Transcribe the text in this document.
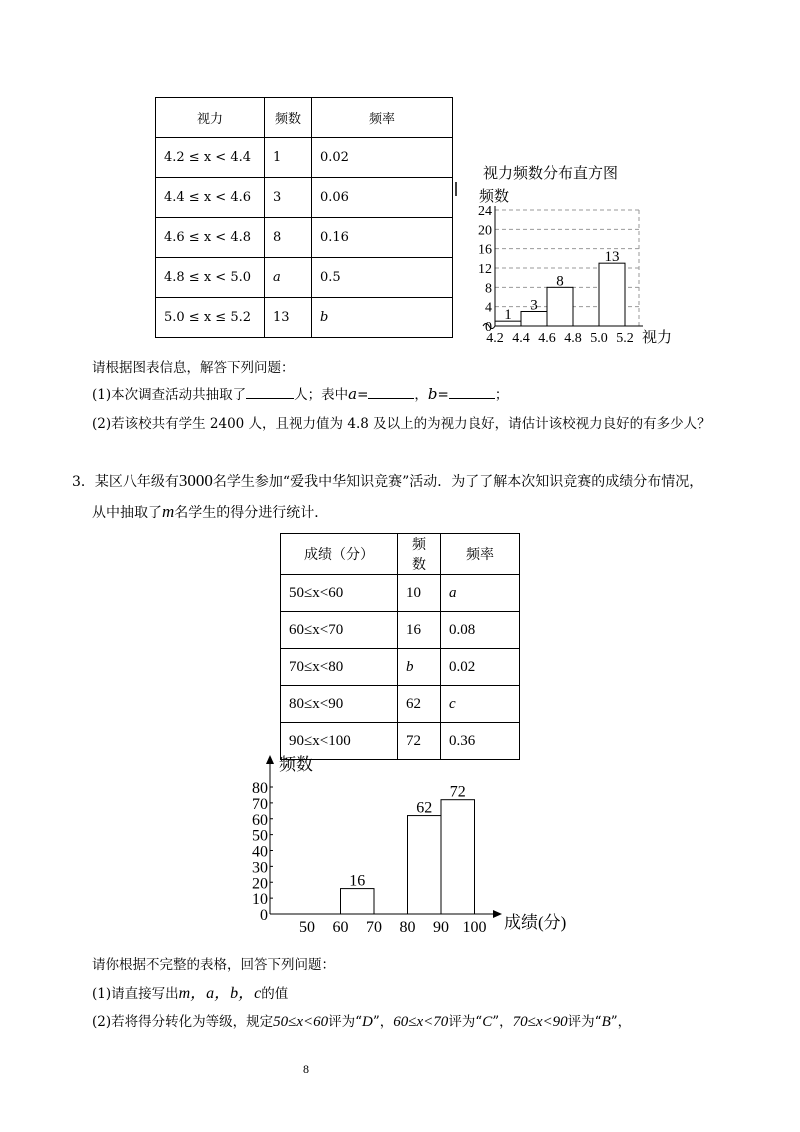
视力	频数	频率
4.2 ≤ x < 4.4	1	0.02
4.4 ≤ x < 4.6	3	0.06
4.6 ≤ x < 4.8	8	0.16
4.8 ≤ x < 5.0	a	0.5
5.0 ≤ x ≤ 5.2	13	b
视力频数分布直方图
频数
视力
0
4
8
12
16
20
24
1
3
8
13
4.2 4.4 4.6 4.8 5.0 5.2
请根据图表信息，解答下列问题：
(1)本次调查活动共抽取了	人；表中a=	，b=	；
(2)若该校共有学生 2400 人，且视力值为 4.8 及以上的为视力良好，请估计该校视力良好的有多少人？
3．某区八年级有3000名学生参加“爱我中华知识竞赛”活动．为了了解本次知识竞赛的成绩分布情况，
从中抽取了m名学生的得分进行统计．
成绩（分）	频数	频率
50≤x<60	10	a
60≤x<70	16	0.08
70≤x<80	b	0.02
80≤x<90	62	c
90≤x<100	72	0.36
频数
成绩(分)
0
10
20
30
40
50
60
70
80
16
62
72
50 60 70 80 90 100
请你根据不完整的表格，回答下列问题：
(1)请直接写出m，a，b，c的值
(2)若将得分转化为等级，规定50≤x<60评为“D”，60≤x<70评为“C”，70≤x<90评为“B”，
8
